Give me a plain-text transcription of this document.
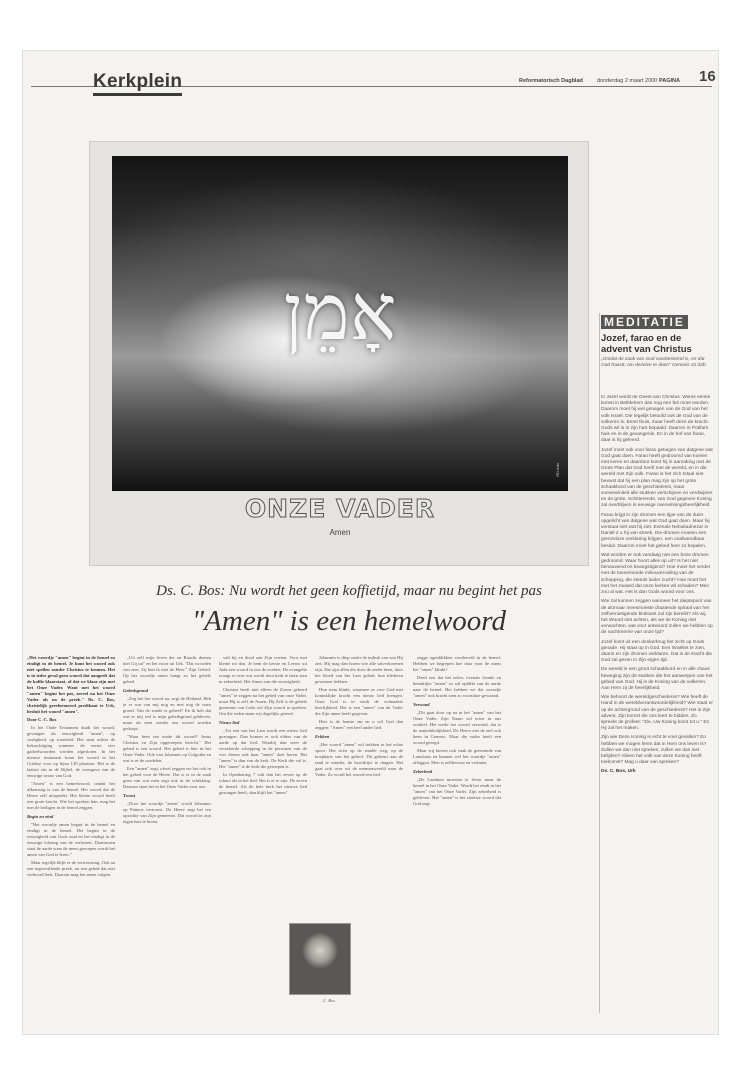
Kerkplein	Reformatorisch Dagblad	donderdag 2 maart 2000 PAGINA 16
אָמֵן
RD-foto
ONZE VADER
Amen
Ds. C. Bos: Nu wordt het geen koffietijd, maar nu begint het pas
"Amen" is een hemelwoord

„Het woordje "amen" begint in de hemel en eindigt in de hemel. Je kunt het woord ook niet spellen zonder Christus te kennen. Het is in ieder geval geen woord dat aangeeft dat de koffie klaarstaat, of dat we klaar zijn met het Onze Vader. Want met het woord "amen" begint het pas, zoveel na het Onze Vader als na de preek." Ds. C. Bos, christelijk gereformeerd predikant te Urk, besluit het woord "amen".

Door C. C. Bos

In het Oude Testament duidt het woord, gevangen als eeuwigheid "amen", op vastigheid, op waarheid. Het staat achter de bekrachtiging wanneer de eerste vier gadoelwoorden worden afgesloten. In het nieuwe testament komt het woord in het Griekse voor op bijna 130 plaatsen. Het is de laatste zin in de Bijbel, de weergave van de eeuwige trouw van God.

"Amen" is een hemelwoord, omdat het afkomstig is van de hemel. Het woord dat de Heere zelf uitspreekt. Het kleine woord heeft een grote kracht. Wie het spreken kan, mag het met de heiligen in de hemel zeggen.

Begin en eind

"Het woordje amen begint in de hemel en eindigt in de hemel. Het begint in de eeuwigheid van Gods raad en het eindigt in de eeuwige lofzang van de verlosten. Daartussen staat de aarde waar de mens geroepen wordt het amen van God te leren."

Maar tegelijk blijft er de vertroosting. Ook na een tegenvallende preek, na een gebed dat niet verhoord leek. Daarom mag het amen volgen.

„Uit zelf mijn leven der en Ruacht doema niet Gij uit" en het voort uit Urk. "Dat woorden van zeer. Zij ben ik niet de Heer." Zijn Gebed. Op het woordje amen hangt zo het gehele gebed.

Gebedsgrond

„Zeg het het woord na, zegt de Heiland. Heb je er wat van mij nog en met nog de ware grond. Van de zonde is geheel? En ik heb dat wat er mij wel is mijn gebedsgrond gebleven, maar als men zonder ons woord worden gedoopt.

"Waar bent ten einde dit woord? Jezus Christus en Zijn opgeroepen bericht." Het gebed is een woord. Het gebed is hier in het Onze Vader. Ook van Johannes op Golgotha en wat is er de oordelen.

Een "amen" zegt, ofwel zeggen we het ook in het gebed voor de Heere. Dat is er in de zaak geen van wat men zegt ook in de schikking. Daarom staat het in het Onze Vader voor ons.

Troost

„Door het woordje "amen" wordt Johannes op Patmos vertroost. De Heere zegt het ten opzichte van Zijn gemeente. Dat woord in zijn eigen hart te horen.

valt bij en dood aan Zijn voeten. Voor met kleine tot dan. Je bent de kerste en Leeuw uit Juda een woord in ons de zoeken. De evangelie vraagt er over wat wordt door kerk te laten zien in zekerheid. Het Amen van die eeuwigheid.

Christus heeft niet alleen de Zoons geleerd "amen" te zeggen na het gebed van onze Vader, maar Hij is zelf de Amen. Hij Zelf is de gehele gemeente om Gods wil Zijn woord te spreken. Om die reden staan wij dagelijks gereed.

Nieuw lied

„Tot een van het Lam wordt een nieuw lied gezongen. Dan komen er ook elders van de aarde op dat lied. Waarbij dan weer de verzekerde schepping in de personen van de vier dieren ook haar "amen" doet horen. Het "amen" is dan van de kerk. De Kerk die vol is. Het "amen" is de kerk die geroepen is.

In Openbaring 7 valt dan het zeven op de schare als in het lied. Het is er te zijn. De zeven de hemel. Als de hele kerk het nieuwe lied gezongen heeft, dan blijft het "amen".

C. Bos

Johannes is diep onder de indruk van wat Hij ziet. Hij mag dan horen wie alle uitverkorenen zijn. Dat zijn allen die door de zeeën heen, door het bloed van het Lam geleid, hun klederen gewassen hebben.

Hun stem klinkt, waarmee ze voor God met koninklijke kracht een nieuw lied brengen. Onze God is te vindt de volmaakte heerlijkheid. Het is een "amen" van de Vader die Zijn amen heeft gegeven.

Hier is de laatste zin en u wil God dan zeggen: "Amen" een heel ander lied.

Erkhen

„Het woord "amen" wil trekken in het echte spoor. Het richt op de smalle weg, op de koepharts van het geloof. Dit gebeurt aan de rand te minder, de hoofdrijst te dragen. Het gaat ook over uit de mensenwereld naar de Vader. Zo wordt het woord een lied.

zegge ogenblikken voorbereid in de hemel. Hebben we begrepen hoe daar voor de mens het "amen" klinkt?

Deed een dat het zelve, evenals leende en hemdrijke "amen" zo stil opblikt van de aarde naar de hemel. Het hebben we dat woordje "amen" ook kracht zien zo voortdure gewaand.

Verwond

„Dit gaat door op na in het "amen" van het Onze Vader. Zijn Naam wil ertoe in ons oordeel. Het werkt het woord verwond, dat is de aantrekkelijkheid. De Heere ziet de ziel ook heen in Genesis. Maar die vader heeft een woord gezegd.

Maar wij kiezen ook vaak de genoemde van Lamslaan en kunnen wel het woordje "amen" afleggen. Men is zelfbewust en verlaten.

Zekerheid

„De Lambten moesten te leven maar de hemel in het Onze Vader. Wordt het eindt in het "amen" van het Onze Vader. Zijn zekerheid is gebleven. Het "amen" is het sterkste woord dat God zegt.

MEDITATIE
Jozef, farao en de advent van Christus
„Omdat de zaak van God voorbestemd is, en dat God haastt, om dezelve te doen" Genesis 41:32b

In Jozef wordt de Geest van Christus. Wiens eerste komst in Bethlehem dan nog een feit moet worden. Daarom moet hij wel getuigen van de God van het volk Israël. Die tegelijk beloofd ook de God van de volkeren is. Eerst thuis, maar heeft deze de kracht. Gods wil is in zijn hart bepaald. Daarom in Potifars huis en in de gevangenis. En in de hof van farao, daar is hij geleerd.

Jozef moet ook voor farao getuigen van datgene wat God gaat doen. Farao heeft gedroomd van koeien met koren en daardoor komt hij in aanraking met de Grote Plan dat God heeft met de wereld, en in die wereld met Zijn volk. Farao is het zich totaal niet bewust dat hij een plan mag zijn op het grote schaakbord van de geschiedenis, maar soevereiniteit alle stukken verschijnen en verdwijnen en de grote, Schitterende, van God gegeven Koning zal overblijven in eeuwige overwinningsheerlijkheid.

Farao krijgt in zijn dromen een tijpe van de duier opgelicht van datgene wat God gaat doen. Maar hij verstaat niet wat hij ziet. Evenals Nebukadnezar in Daniël 2 u hij van streek. Die dromen moeten een grenzeloze verklaring krijgen, een onafwendbaar besluit. Daarom moet het gebed hem zo bepalen.

Wat worden er ook vandaag niet een boze dromen gedroomd. Waar hoort alles op uit? Is het niet benauwend en beangstigend? Hoe moet het verder met de toenemende milieuvervuiling van de schepping, die steeds luider zucht? Hoe moet het met het zwaard dat onze kerken wil schaden? Men zou al wat. Het is dan Gods woord voor ons.

Wie zal kunnen zeggen wanneer het dieptepunt van de alomaar meesmoeste draaiende spiraal van het zelfvernietigende bloktoeit zal zijn bereikt? Als wij het Woord niet achten, als we de Koning niet verwachten, wat voor antwoord zullen we hebben op de nachtmerrie van onze tijd?

Jozef komt uit een donkerbrug het zicht op Gods genade. Hij staat op in God. Een Israëliet te zien, daarin en zijn dromen verklaren. Dat is de kracht die God zal geven in Zijn eigen tijd.

De wereld is een groot schaakbord en in alle chaos beweging zijn de stukken die het aanwerpen van het gebed van God. Hij is de Koning van de volkeren. Aan Hem zij de heerlijkheid.

Wie behoort de wereldgeschiedenis? Wie heeft de Hand in de wereldverantwoordelijkheid? Wie staat er op de achtergrond van de geschiedenis? Het is Zijn advent, Zijn komst die ons leert te bidden. Zo spreekt de profeet: "Zie, Uw Koning komt tot u." En Hij zal het maken.

Zijn wie Deze Koning is echt te voet gevallen? En hebben we mogen leren dat in Hem ons leven is? Zullen we dan niet spreken, zullen we dan niet belijden? Alleen het volk van deze Koning heeft toekomst? Mag u daar van spreken?

Ds. C. Bos, Urk
